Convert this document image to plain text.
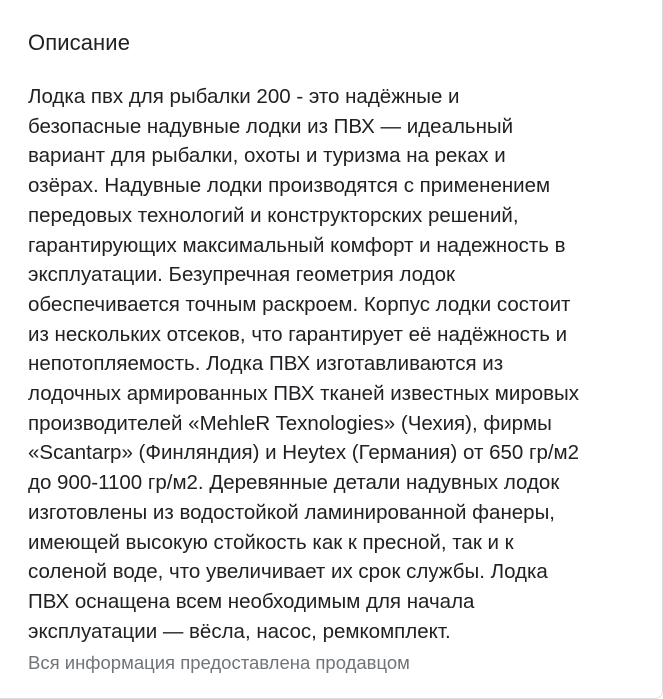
Описание
Лодка пвх для рыбалки 200 - это надёжные и
безопасные надувные лодки из ПВХ — идеальный
вариант для рыбалки, охоты и туризма на реках и
озёрах. Надувные лодки производятся с применением
передовых технологий и конструкторских решений,
гарантирующих максимальный комфорт и надежность в
эксплуатации. Безупречная геометрия лодок
обеспечивается точным раскроем. Корпус лодки состоит
из нескольких отсеков, что гарантирует её надёжность и
непотопляемость. Лодка ПВХ изготавливаются из
лодочных армированных ПВХ тканей известных мировых
производителей «MehleR Texnologies» (Чехия), фирмы
«Scantarp» (Финляндия) и Heytex (Германия) от 650 гр/м2
до 900-1100 гр/м2. Деревянные детали надувных лодок
изготовлены из водостойкой ламинированной фанеры,
имеющей высокую стойкость как к пресной, так и к
соленой воде, что увеличивает их срок службы. Лодка
ПВХ оснащена всем необходимым для начала
эксплуатации — вёсла, насос, ремкомплект.
Вся информация предоставлена продавцом
